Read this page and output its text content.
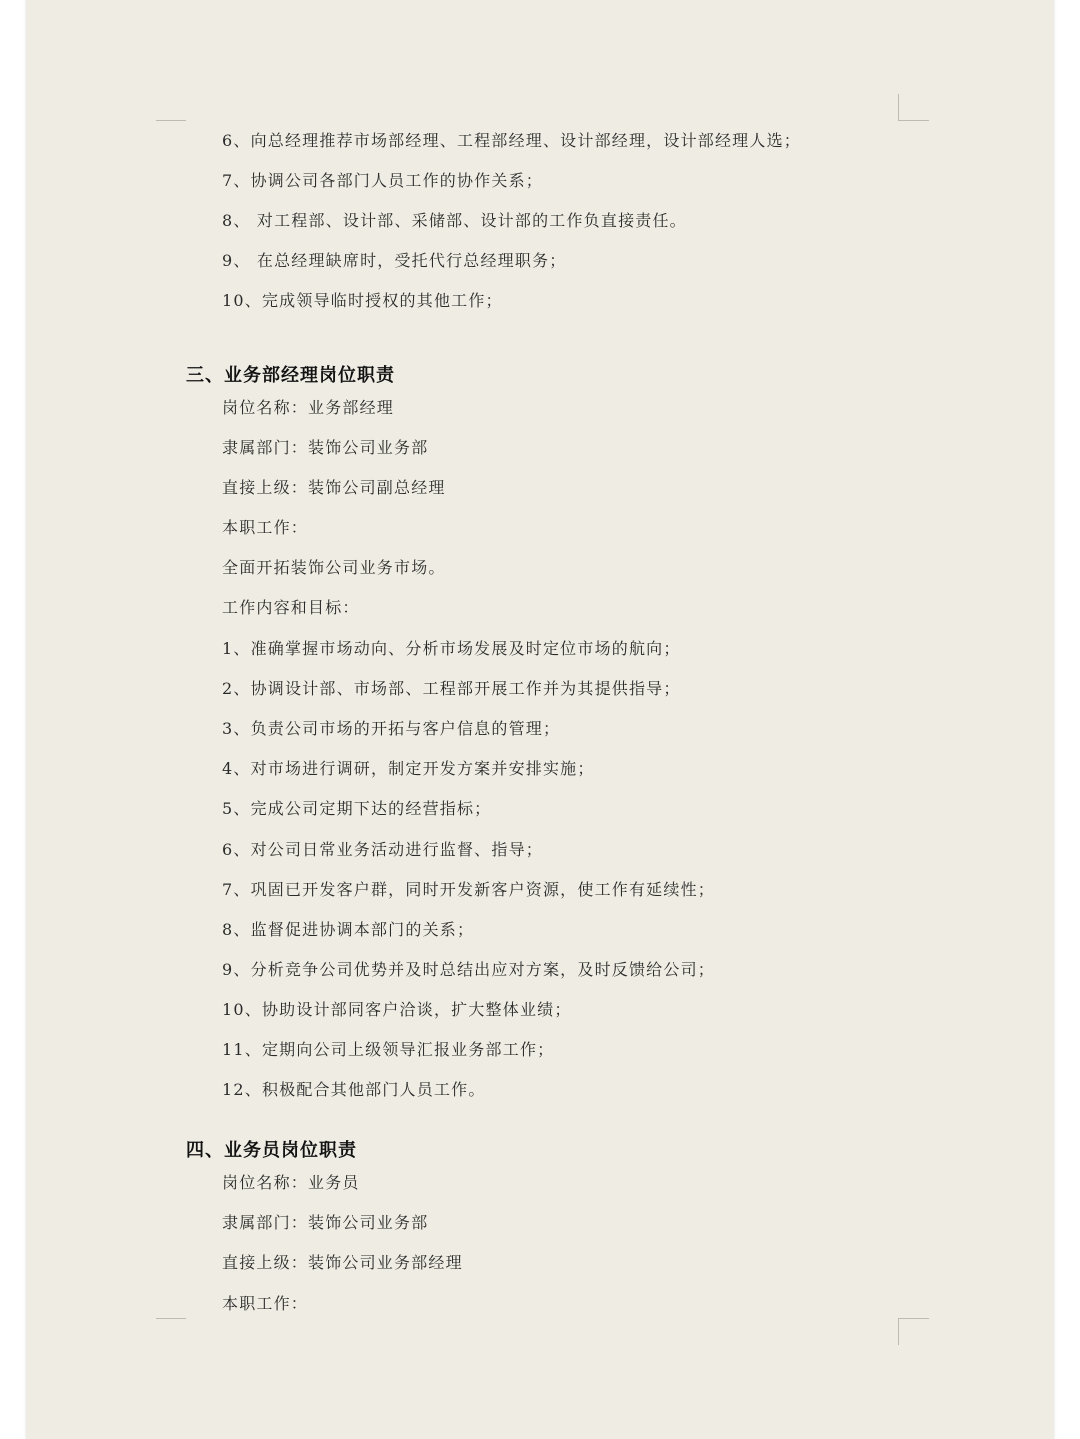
6、向总经理推荐市场部经理、工程部经理、设计部经理，设计部经理人选；
7、协调公司各部门人员工作的协作关系；
8、 对工程部、设计部、采储部、设计部的工作负直接责任。
9、 在总经理缺席时，受托代行总经理职务；
10、完成领导临时授权的其他工作；
三、业务部经理岗位职责
岗位名称：业务部经理
隶属部门：装饰公司业务部
直接上级：装饰公司副总经理
本职工作：
全面开拓装饰公司业务市场。
工作内容和目标：
1、准确掌握市场动向、分析市场发展及时定位市场的航向；
2、协调设计部、市场部、工程部开展工作并为其提供指导；
3、负责公司市场的开拓与客户信息的管理；
4、对市场进行调研，制定开发方案并安排实施；
5、完成公司定期下达的经营指标；
6、对公司日常业务活动进行监督、指导；
7、巩固已开发客户群，同时开发新客户资源，使工作有延续性；
8、监督促进协调本部门的关系；
9、分析竞争公司优势并及时总结出应对方案，及时反馈给公司；
10、协助设计部同客户洽谈，扩大整体业绩；
11、定期向公司上级领导汇报业务部工作；
12、积极配合其他部门人员工作。
四、业务员岗位职责
岗位名称：业务员
隶属部门：装饰公司业务部
直接上级：装饰公司业务部经理
本职工作：
